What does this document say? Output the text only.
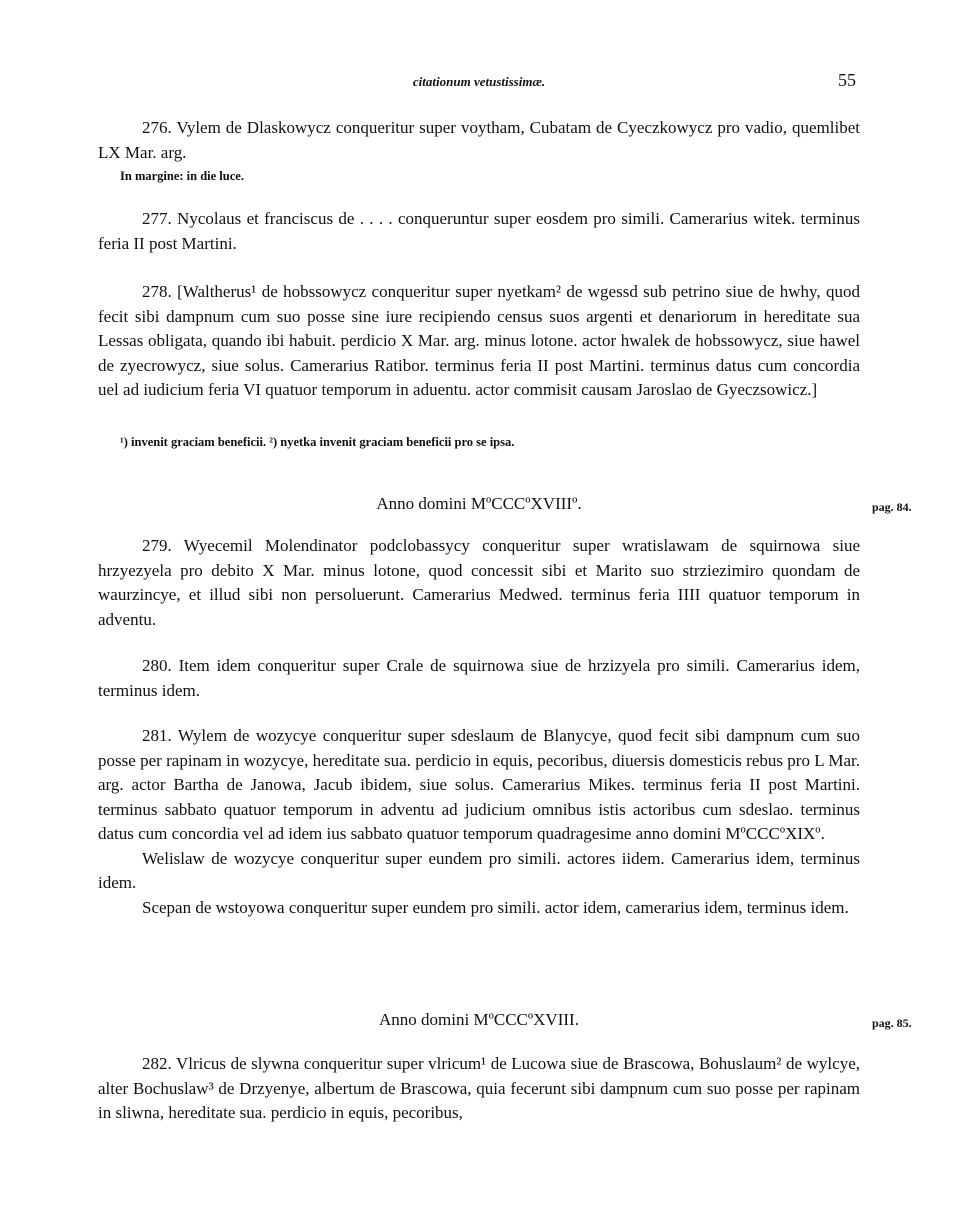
citationum vetustissimæ.	55

276. Vylem de Dlaskowycz conqueritur super voytham, Cubatam de Cyeczkowycz pro vadio, quemlibet LX Mar. arg.

In margine: in die luce.

277. Nycolaus et franciscus de . . . . conqueruntur super eosdem pro simili. Camerarius witek. terminus feria II post Martini.

278. [Waltherus¹ de hobssowycz conqueritur super nyetkam² de wgessd sub petrino siue de hwhy, quod fecit sibi dampnum cum suo posse sine iure recipiendo census suos argenti et denariorum in hereditate sua Lessas obligata, quando ibi habuit. perdicio X Mar. arg. minus lotone. actor hwalek de hobssowycz, siue hawel de zyecrowycz, siue solus. Camerarius Ratibor. terminus feria II post Martini. terminus datus cum concordia uel ad iudicium feria VI quatuor temporum in aduentu. actor commisit causam Jaroslao de Gyeczsowicz.]

¹) invenit graciam beneficii. ²) nyetka invenit graciam beneficii pro se ipsa.
Anno domini MºCCCºXVIIIº.	pag. 84.

279. Wyecemil Molendinator podclobassycy conqueritur super wratislawam de squirnowa siue hrzyezyela pro debito X Mar. minus lotone, quod concessit sibi et Marito suo strziezimiro quondam de waurzincye, et illud sibi non persoluerunt. Camerarius Medwed. terminus feria IIII quatuor temporum in adventu.

280. Item idem conqueritur super Crale de squirnowa siue de hrzizyela pro simili. Camerarius idem, terminus idem.

281. Wylem de wozycye conqueritur super sdeslaum de Blanycye, quod fecit sibi dampnum cum suo posse per rapinam in wozycye, hereditate sua. perdicio in equis, pecoribus, diuersis domesticis rebus pro L Mar. arg. actor Bartha de Janowa, Jacub ibidem, siue solus. Camerarius Mikes. terminus feria II post Martini. terminus sabbato quatuor temporum in adventu ad judicium omnibus istis actoribus cum sdeslao. terminus datus cum concordia vel ad idem ius sabbato quatuor temporum quadragesime anno domini MºCCCºXIXº.

Welislaw de wozycye conqueritur super eundem pro simili. actores iidem. Camerarius idem, terminus idem.

Scepan de wstoyowa conqueritur super eundem pro simili. actor idem, camerarius idem, terminus idem.

Anno domini MºCCCºXVIII.	pag. 85.

282. Vlricus de slywna conqueritur super vlricum¹ de Lucowa siue de Brascowa, Bohuslaum² de wylcye, alter Bochuslaw³ de Drzyenye, albertum de Brascowa, quia fecerunt sibi dampnum cum suo posse per rapinam in sliwna, hereditate sua. perdicio in equis, pecoribus,
